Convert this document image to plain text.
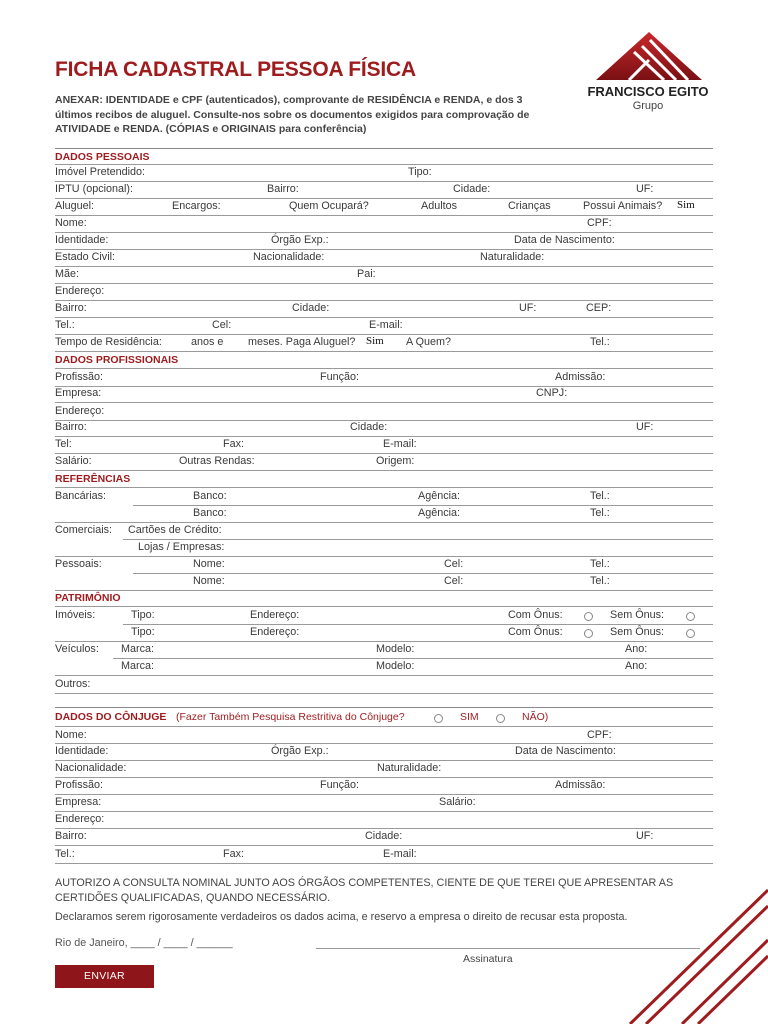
FICHA CADASTRAL PESSOA FÍSICA
ANEXAR: IDENTIDADE e CPF (autenticados), comprovante de RESIDÊNCIA e RENDA, e dos 3
últimos recibos de aluguel. Consulte-nos sobre os documentos exigidos para comprovação de
ATIVIDADE e RENDA. (CÓPIAS e ORIGINAIS para conferência)
FRANCISCO EGITO
Grupo
DADOS PESSOAIS
Imóvel Pretendido:	Tipo:
IPTU (opcional):	Bairro:	Cidade:	UF:
Aluguel:	Encargos:	Quem Ocupará?	Adultos	Crianças	Possui Animais? Sim
Nome:	CPF:
Identidade:	Órgão Exp.:	Data de Nascimento:
Estado Civil:	Nacionalidade:	Naturalidade:
Mãe:	Pai:
Endereço:
Bairro:	Cidade:	UF:	CEP:
Tel.:	Cel:	E-mail:
Tempo de Residência:	anos e meses. Paga Aluguel? Sim A Quem?	Tel.:
DADOS PROFISSIONAIS
Profissão:	Função:	Admissão:
Empresa:	CNPJ:
Endereço:
Bairro:	Cidade:	UF:
Tel:	Fax:	E-mail:
Salário:	Outras Rendas:	Origem:
REFERÊNCIAS
Bancárias:	Banco:	Agência:	Tel.:
Banco:	Agência:	Tel.:
Comerciais: Cartões de Crédito:
Lojas / Empresas:
Pessoais:	Nome:	Cel:	Tel.:
Nome:	Cel:	Tel.:
PATRIMÔNIO
Imóveis:	Tipo:	Endereço:	Com Ônus:	Sem Ônus:
Tipo:	Endereço:	Com Ônus:	Sem Ônus:
Veículos: Marca:	Modelo:	Ano:
Marca:	Modelo:	Ano:
Outros:
DADOS DO CÔNJUGE (Fazer Também Pesquisa Restritiva do Cônjuge?	SIM	NÃO)
Nome:	CPF:
Identidade:	Órgão Exp.:	Data de Nascimento:
Nacionalidade:	Naturalidade:
Profissão:	Função:	Admissão:
Empresa:	Salário:
Endereço:
Bairro:	Cidade:	UF:
Tel.:	Fax:	E-mail:
AUTORIZO A CONSULTA NOMINAL JUNTO AOS ÓRGÃOS COMPETENTES, CIENTE DE QUE TEREI QUE APRESENTAR AS
CERTIDÕES QUALIFICADAS, QUANDO NECESSÁRIO.
Declaramos serem rigorosamente verdadeiros os dados acima, e reservo a empresa o direito de recusar esta proposta.
Rio de Janeiro, ____ / ____ / ______
Assinatura
ENVIAR
